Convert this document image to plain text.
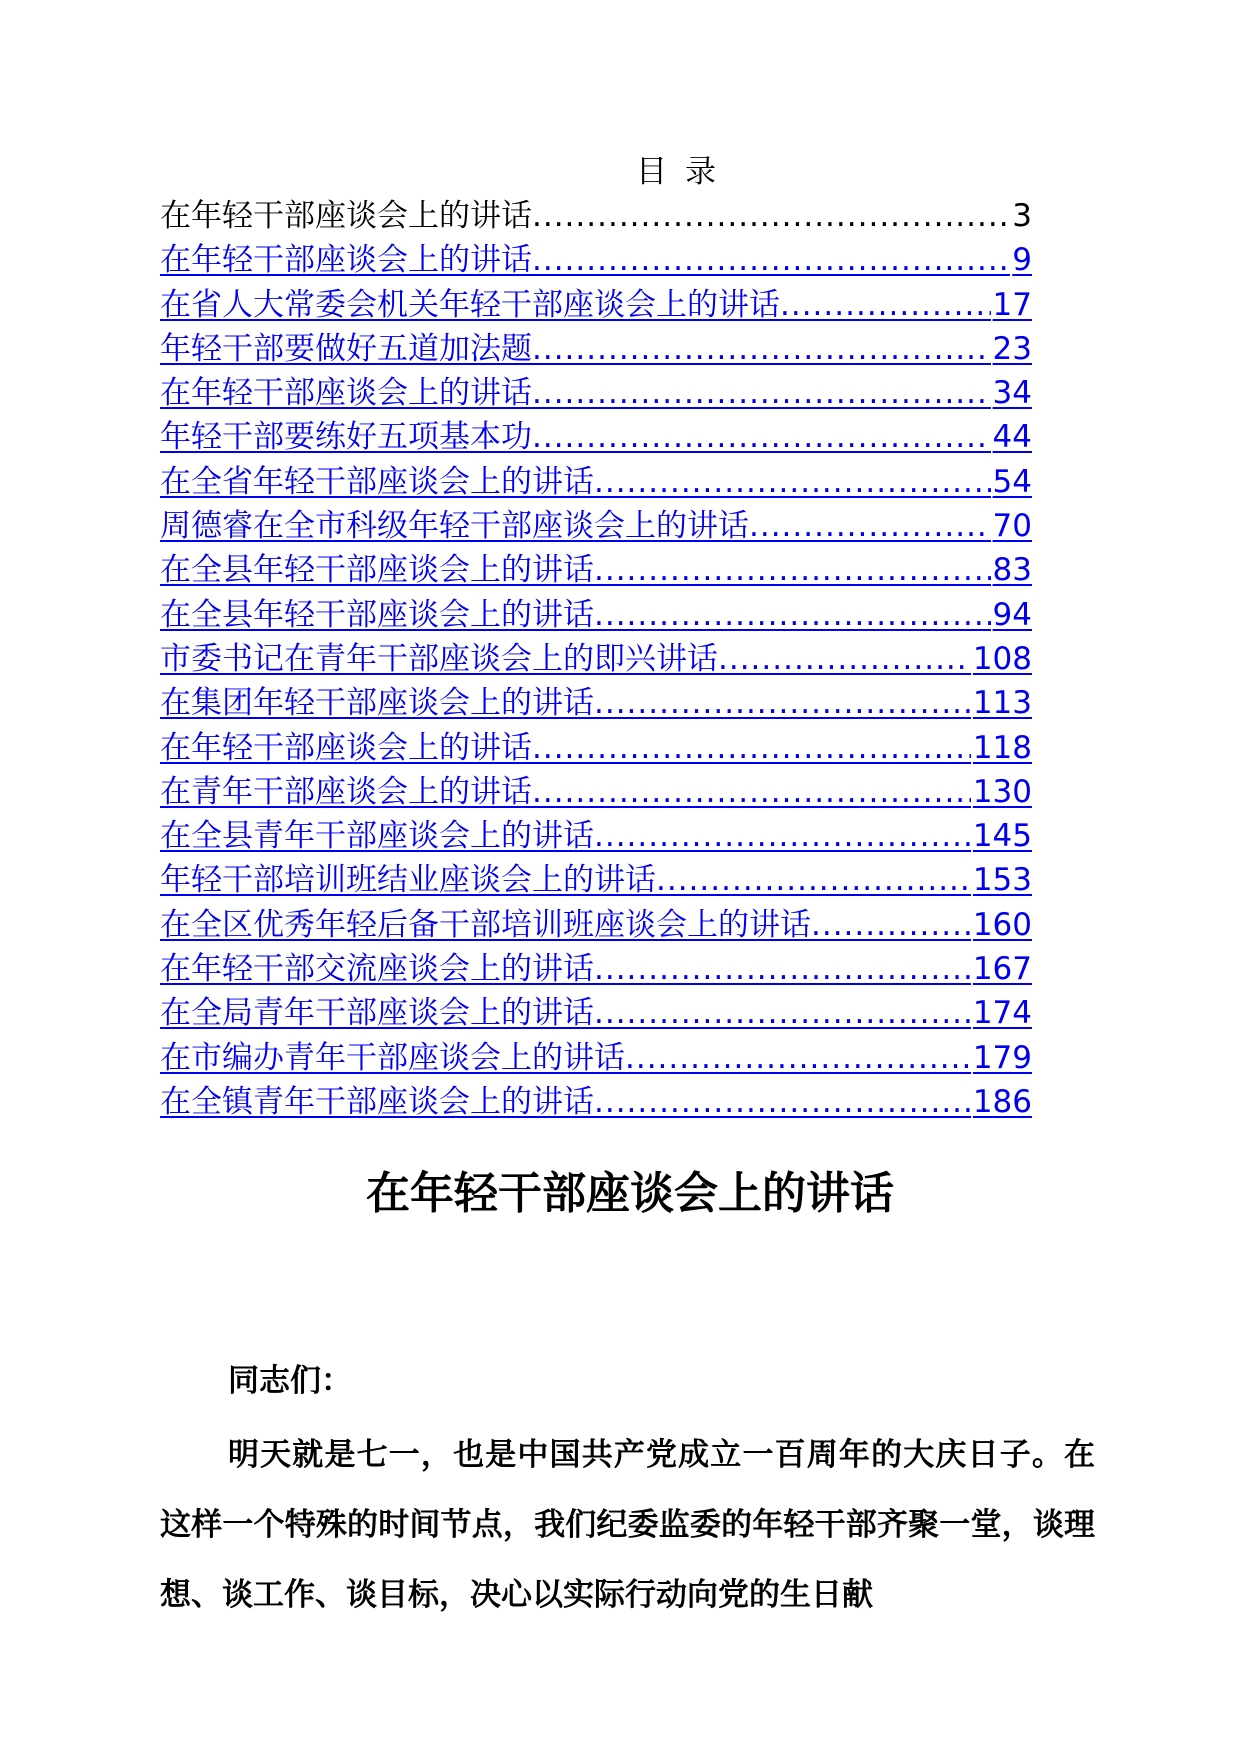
目录
在年轻干部座谈会上的讲话 .....	3
在年轻干部座谈会上的讲话 .....	9
在省人大常委会机关年轻干部座谈会上的讲话 .....	17
年轻干部要做好五道加法题 .....	23
在年轻干部座谈会上的讲话 .....	34
年轻干部要练好五项基本功 .....	44
在全省年轻干部座谈会上的讲话 .....	54
周德睿在全市科级年轻干部座谈会上的讲话 .....	70
在全县年轻干部座谈会上的讲话 .....	83
在全县年轻干部座谈会上的讲话 .....	94
市委书记在青年干部座谈会上的即兴讲话 .....	108
在集团年轻干部座谈会上的讲话 .....	113
在年轻干部座谈会上的讲话 .....	118
在青年干部座谈会上的讲话 .....	130
在全县青年干部座谈会上的讲话 .....	145
年轻干部培训班结业座谈会上的讲话 .....	153
在全区优秀年轻后备干部培训班座谈会上的讲话 .....	160
在年轻干部交流座谈会上的讲话 .....	167
在全局青年干部座谈会上的讲话 .....	174
在市编办青年干部座谈会上的讲话 .....	179
在全镇青年干部座谈会上的讲话 .....	186
在年轻干部座谈会上的讲话

同志们：

明天就是七一，也是中国共产党成立一百周年的大庆日子。在这样一个特殊的时间节点，我们纪委监委的年轻干部齐聚一堂，谈理想、谈工作、谈目标，决心以实际行动向党的生日献
